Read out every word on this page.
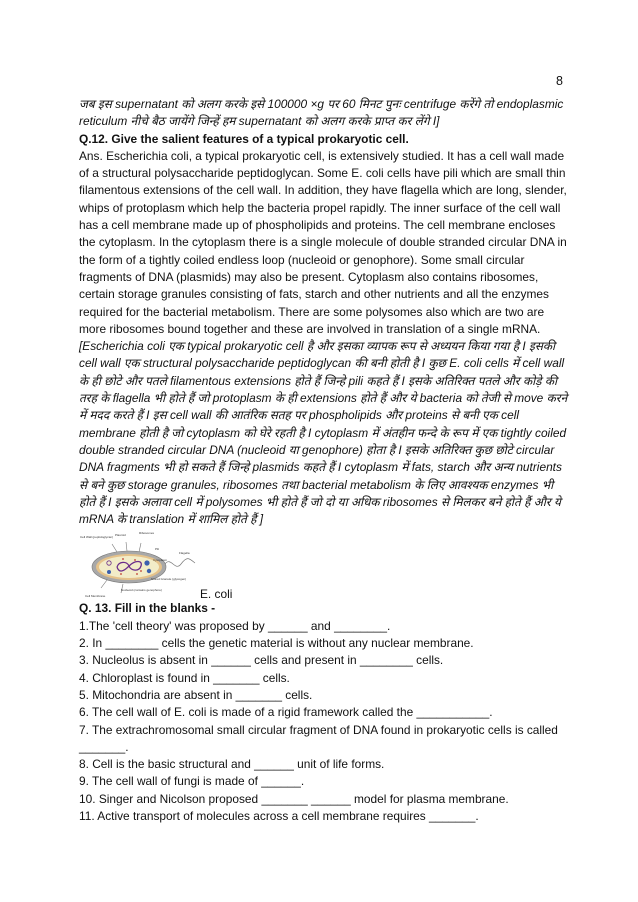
8

जब इस supernatant को अलग करके इसे 100000 ×g पर 60 मिनट पुनः centrifuge करेंगे तो endoplasmic reticulum नीचे बैठ जायेंगे जिन्हें हम supernatant को अलग करके प्राप्त कर लेंगे I]

Q.12. Give the salient features of a typical prokaryotic cell.

Ans. Escherichia coli, a typical prokaryotic cell, is extensively studied. It has a cell wall made of a structural polysaccharide peptidoglycan. Some E. coli cells have pili which are small thin filamentous extensions of the cell wall. In addition, they have flagella which are long, slender, whips of protoplasm which help the bacteria propel rapidly. The inner surface of the cell wall has a cell membrane made up of phospholipids and proteins. The cell membrane encloses the cytoplasm. In the cytoplasm there is a single molecule of double stranded circular DNA in the form of a tightly coiled endless loop (nucleoid or genophore). Some small circular fragments of DNA (plasmids) may also be present. Cytoplasm also contains ribosomes, certain storage granules consisting of fats, starch and other nutrients and all the enzymes required for the bacterial metabolism. There are some polysomes also which are two are more ribosomes bound together and these are involved in translation of a single mRNA.

[Escherichia coli एक typical prokaryotic cell है और इसका व्यापक रूप से अध्ययन किया गया है I इसकी cell wall एक structural polysaccharide peptidoglycan की बनी होती है I कुछ E. coli cells में cell wall के ही छोटे और पतले filamentous extensions होते हैं जिन्हे pili कहते हैं I इसके अतिरिक्त पतले और कोड़े की तरह के flagella भी होते हैं जो protoplasm के ही extensions होते हैं और ये bacteria को तेजी से move करने में मदद करते हैं I इस cell wall की आतंरिक सतह पर phospholipids और proteins से बनी एक cell membrane होती है जो cytoplasm को घेरे रहती है I cytoplasm में अंतहीन फन्दे के रूप में एक tightly coiled double stranded circular DNA (nucleoid या genophore) होता है I इसके अतिरिक्त कुछ छोटे circular DNA fragments भी हो सकते हैं जिन्हे plasmids कहते हैं I cytoplasm में fats, starch और अन्य nutrients से बने कुछ storage granules, ribosomes तथा bacterial metabolism के लिए आवश्यक enzymes भी होते हैं I इसके अलावा cell में polysomes भी होते हैं जो दो या अधिक ribosomes से मिलकर बने होते हैं और ये mRNA के translation में शामिल होते हैं ]

Cell Wall (peptidoglycan) Plasmid	Ribosomes
Pili
Flagella
Cytoplasm
Stored Granule (glycogen)
Nucleoid (contains genophore)
Cell Membrane	E. coli

Q. 13. Fill in the blanks -

1.The 'cell theory' was proposed by ______ and ________.

2. In ________ cells the genetic material is without any nuclear membrane.

3. Nucleolus is absent in ______ cells and present in ________ cells.

4. Chloroplast is found in _______ cells.

5. Mitochondria are absent in _______ cells.

6. The cell wall of E. coli is made of a rigid framework called the ___________.

7. The extrachromosomal small circular fragment of DNA found in prokaryotic cells is called _______.

8. Cell is the basic structural and ______ unit of life forms.

9. The cell wall of fungi is made of ______.

10. Singer and Nicolson proposed _______ ______ model for plasma membrane.

11. Active transport of molecules across a cell membrane requires _______.
